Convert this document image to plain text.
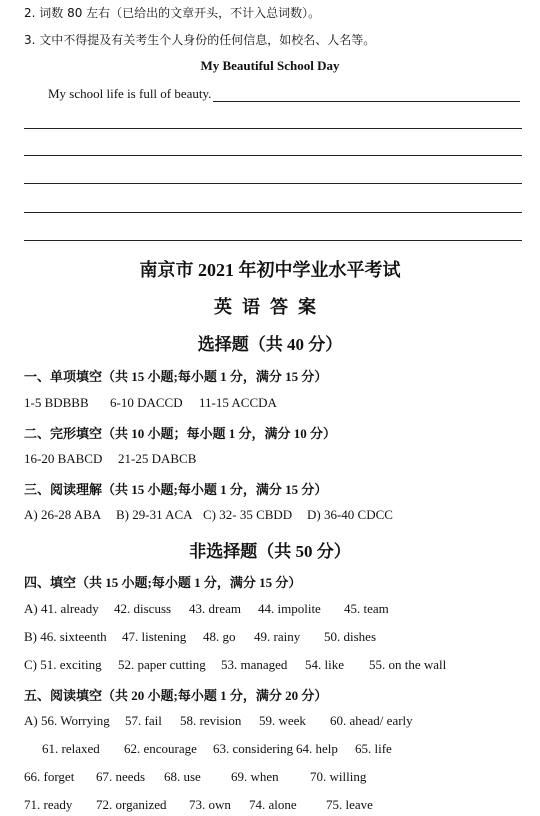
2. 词数 80 左右（已给出的文章开头，不计入总词数）。
3. 文中不得提及有关考生个人身份的任何信息，如校名、人名等。
My Beautiful School Day
My school life is full of beauty.
南京市 2021 年初中学业水平考试
英语答案
选择题（共 40 分）
一、单项填空（共 15 小题;每小题 1 分，满分 15 分）
1-5 BDBBB 6-10 DACCD 11-15 ACCDA
二、完形填空（共 10 小题；每小题 1 分，满分 10 分）
16-20 BABCD 21-25 DABCB
三、阅读理解（共 15 小题;每小题 1 分，满分 15 分）
A) 26-28 ABA B) 29-31 ACA C) 32- 35 CBDD D) 36-40 CDCC
非选择题（共 50 分）
四、填空（共 15 小题;每小题 1 分，满分 15 分）
A) 41. already 42. discuss 43. dream 44. impolite 45. team
B) 46. sixteenth 47. listening 48. go 49. rainy 50. dishes
C) 51. exciting 52. paper cutting 53. managed 54. like 55. on the wall
五、阅读填空（共 20 小题;每小题 1 分，满分 20 分）
A) 56. Worrying 57. fail 58. revision 59. week 60. ahead/ early
61. relaxed 62. encourage 63. considering 64. help 65. life
66. forget 67. needs 68. use 69. when 70. willing
71. ready 72. organized 73. own 74. alone 75. leave
